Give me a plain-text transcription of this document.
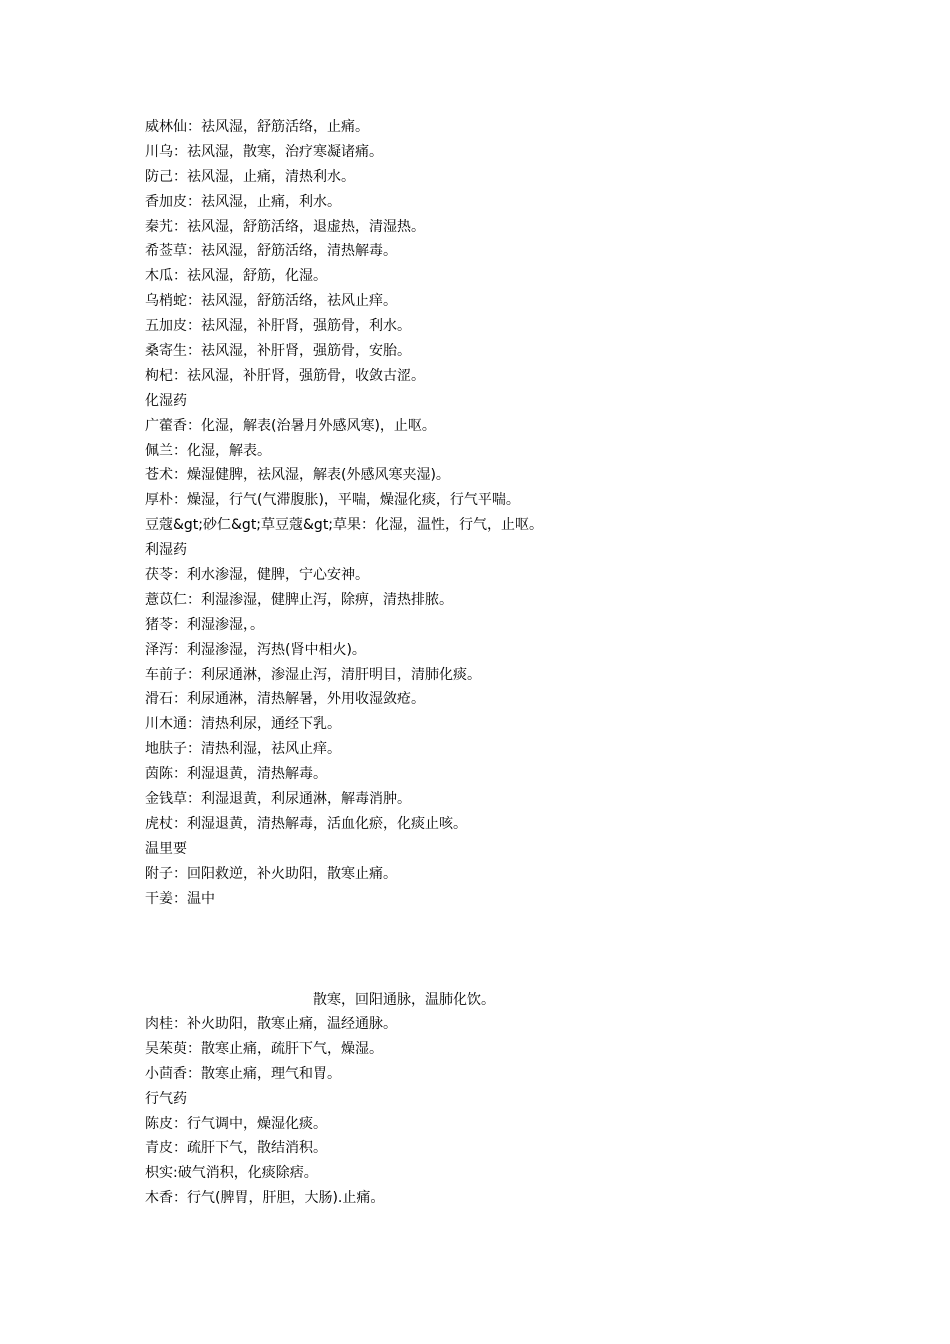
威林仙：祛风湿，舒筋活络，止痛。
川乌：祛风湿，散寒，治疗寒凝诸痛。
防己：祛风湿，止痛，清热利水。
香加皮：祛风湿，止痛，利水。
秦艽：祛风湿，舒筋活络，退虚热，清湿热。
希莶草：祛风湿，舒筋活络，清热解毒。
木瓜：祛风湿，舒筋，化湿。
乌梢蛇：祛风湿，舒筋活络，祛风止痒。
五加皮：祛风湿，补肝肾，强筋骨，利水。
桑寄生：祛风湿，补肝肾，强筋骨，安胎。
枸杞：祛风湿，补肝肾，强筋骨，收敛古涩。
化湿药
广藿香：化湿，解表(治暑月外感风寒)，止呕。
佩兰：化湿，解表。
苍术：燥湿健脾，祛风湿，解表(外感风寒夹湿)。
厚朴：燥湿，行气(气滞腹胀)，平喘，燥湿化痰，行气平喘。
豆蔻&gt;砂仁&gt;草豆蔻&gt;草果：化湿，温性，行气，止呕。
利湿药
茯苓：利水渗湿，健脾，宁心安神。
薏苡仁：利湿渗湿，健脾止泻，除痹，清热排脓。
猪苓：利湿渗湿，。
泽泻：利湿渗湿，泻热(肾中相火)。
车前子：利尿通淋，渗湿止泻，清肝明目，清肺化痰。
滑石：利尿通淋，清热解暑，外用收湿敛疮。
川木通：清热利尿，通经下乳。
地肤子：清热利湿，祛风止痒。
茵陈：利湿退黄，清热解毒。
金钱草：利湿退黄，利尿通淋，解毒消肿。
虎杖：利湿退黄，清热解毒，活血化瘀，化痰止咳。
温里要
附子：回阳救逆，补火助阳，散寒止痛。
干姜：温中
散寒，回阳通脉，温肺化饮。
肉桂：补火助阳，散寒止痛，温经通脉。
吴茱萸：散寒止痛，疏肝下气，燥湿。
小茴香：散寒止痛，理气和胃。
行气药
陈皮：行气调中，燥湿化痰。
青皮：疏肝下气，散结消积。
枳实:破气消积，化痰除痞。
木香：行气(脾胃，肝胆，大肠).止痛。
